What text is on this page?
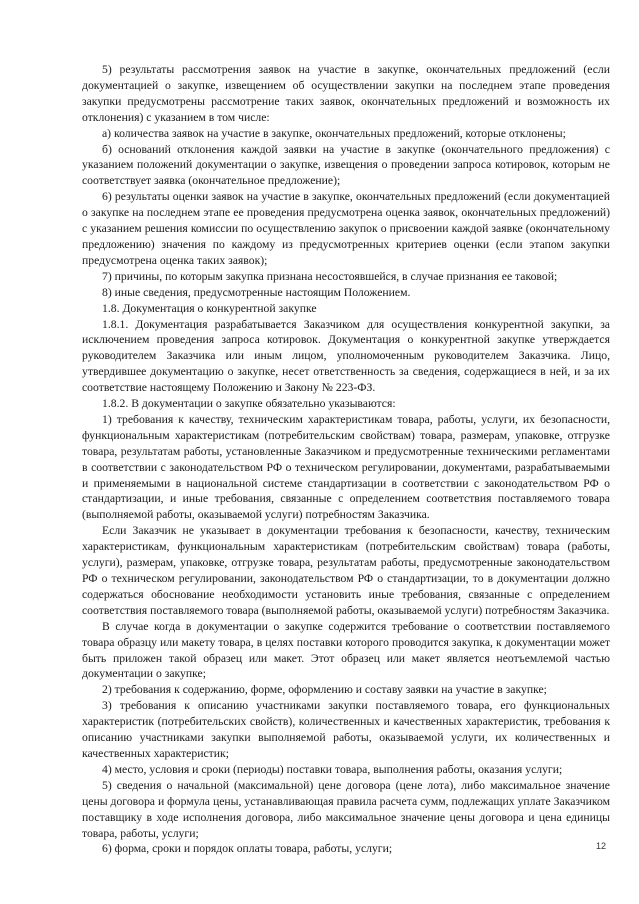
5) результаты рассмотрения заявок на участие в закупке, окончательных предложений (если документацией о закупке, извещением об осуществлении закупки на последнем этапе проведения закупки предусмотрены рассмотрение таких заявок, окончательных предложений и возможность их отклонения) с указанием в том числе:

а) количества заявок на участие в закупке, окончательных предложений, которые отклонены;

б) оснований отклонения каждой заявки на участие в закупке (окончательного предложения) с указанием положений документации о закупке, извещения о проведении запроса котировок, которым не соответствует заявка (окончательное предложение);

6) результаты оценки заявок на участие в закупке, окончательных предложений (если документацией о закупке на последнем этапе ее проведения предусмотрена оценка заявок, окончательных предложений) с указанием решения комиссии по осуществлению закупок о присвоении каждой заявке (окончательному предложению) значения по каждому из предусмотренных критериев оценки (если этапом закупки предусмотрена оценка таких заявок);

7) причины, по которым закупка признана несостоявшейся, в случае признания ее таковой;

8) иные сведения, предусмотренные настоящим Положением.

1.8. Документация о конкурентной закупке

1.8.1. Документация разрабатывается Заказчиком для осуществления конкурентной закупки, за исключением проведения запроса котировок. Документация о конкурентной закупке утверждается руководителем Заказчика или иным лицом, уполномоченным руководителем Заказчика. Лицо, утвердившее документацию о закупке, несет ответственность за сведения, содержащиеся в ней, и за их соответствие настоящему Положению и Закону № 223-ФЗ.

1.8.2. В документации о закупке обязательно указываются:

1) требования к качеству, техническим характеристикам товара, работы, услуги, их безопасности, функциональным характеристикам (потребительским свойствам) товара, размерам, упаковке, отгрузке товара, результатам работы, установленные Заказчиком и предусмотренные техническими регламентами в соответствии с законодательством РФ о техническом регулировании, документами, разрабатываемыми и применяемыми в национальной системе стандартизации в соответствии с законодательством РФ о стандартизации, и иные требования, связанные с определением соответствия поставляемого товара (выполняемой работы, оказываемой услуги) потребностям Заказчика.

Если Заказчик не указывает в документации требования к безопасности, качеству, техническим характеристикам, функциональным характеристикам (потребительским свойствам) товара (работы, услуги), размерам, упаковке, отгрузке товара, результатам работы, предусмотренные законодательством РФ о техническом регулировании, законодательством РФ о стандартизации, то в документации должно содержаться обоснование необходимости установить иные требования, связанные с определением соответствия поставляемого товара (выполняемой работы, оказываемой услуги) потребностям Заказчика.

В случае когда в документации о закупке содержится требование о соответствии поставляемого товара образцу или макету товара, в целях поставки которого проводится закупка, к документации может быть приложен такой образец или макет. Этот образец или макет является неотъемлемой частью документации о закупке;

2) требования к содержанию, форме, оформлению и составу заявки на участие в закупке;

3) требования к описанию участниками закупки поставляемого товара, его функциональных характеристик (потребительских свойств), количественных и качественных характеристик, требования к описанию участниками закупки выполняемой работы, оказываемой услуги, их количественных и качественных характеристик;

4) место, условия и сроки (периоды) поставки товара, выполнения работы, оказания услуги;

5) сведения о начальной (максимальной) цене договора (цене лота), либо максимальное значение цены договора и формула цены, устанавливающая правила расчета сумм, подлежащих уплате Заказчиком поставщику в ходе исполнения договора, либо максимальное значение цены договора и цена единицы товара, работы, услуги;

6) форма, сроки и порядок оплаты товара, работы, услуги;	12
